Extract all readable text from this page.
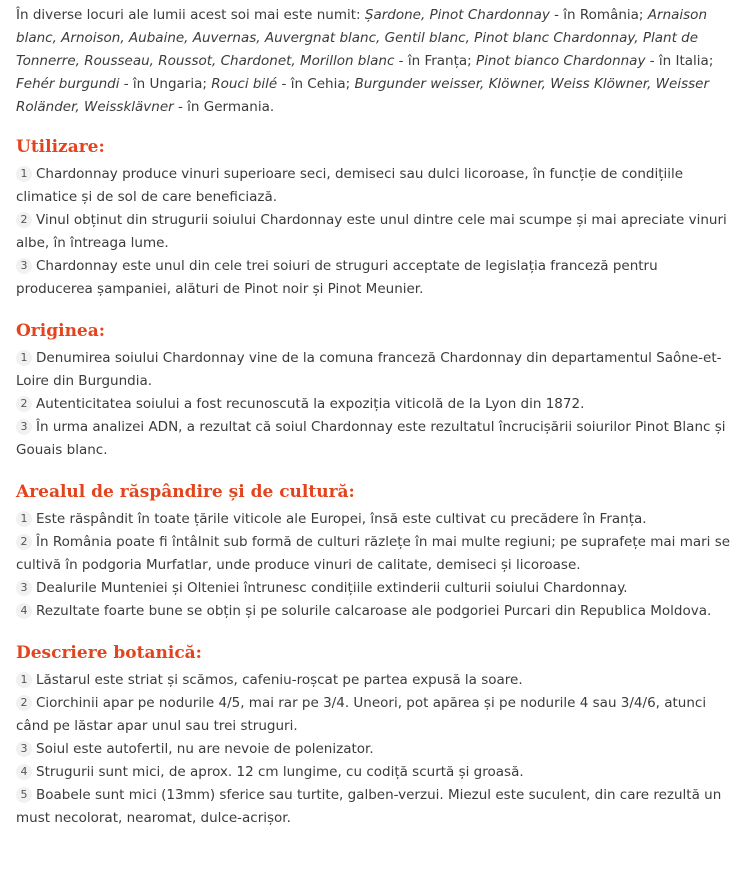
În diverse locuri ale lumii acest soi mai este numit: Șardone, Pinot Chardonnay - în România; Arnaison blanc, Arnoison, Aubaine, Auvernas, Auvergnat blanc, Gentil blanc, Pinot blanc Chardonnay, Plant de Tonnerre, Rousseau, Roussot, Chardonet, Morillon blanc - în Franța; Pinot bianco Chardonnay - în Italia; Fehér burgundi - în Ungaria; Rouci bilé - în Cehia; Burgunder weisser, Klöwner, Weiss Klöwner, Weisser Roländer, Weissklävner - în Germania.

Utilizare:
1 Chardonnay produce vinuri superioare seci, demiseci sau dulci licoroase, în funcție de condițiile climatice și de sol de care beneficiază.
2 Vinul obținut din strugurii soiului Chardonnay este unul dintre cele mai scumpe și mai apreciate vinuri albe, în întreaga lume.
3 Chardonnay este unul din cele trei soiuri de struguri acceptate de legislația franceză pentru producerea șampaniei, alături de Pinot noir și Pinot Meunier.
Originea:
1 Denumirea soiului Chardonnay vine de la comuna franceză Chardonnay din departamentul Saône-et-Loire din Burgundia.
2 Autenticitatea soiului a fost recunoscută la expoziția viticolă de la Lyon din 1872.
3 În urma analizei ADN, a rezultat că soiul Chardonnay este rezultatul încrucișării soiurilor Pinot Blanc și Gouais blanc.
Arealul de răspândire și de cultură:
1 Este răspândit în toate țările viticole ale Europei, însă este cultivat cu precădere în Franța.
2 În România poate fi întâlnit sub formă de culturi răzlețe în mai multe regiuni; pe suprafețe mai mari se cultivă în podgoria Murfatlar, unde produce vinuri de calitate, demiseci și licoroase.
3 Dealurile Munteniei și Olteniei întrunesc condițiile extinderii culturii soiului Chardonnay.
4 Rezultate foarte bune se obțin și pe solurile calcaroase ale podgoriei Purcari din Republica Moldova.
Descriere botanică:
1 Lăstarul este striat și scămos, cafeniu-roșcat pe partea expusă la soare.
2 Ciorchinii apar pe nodurile 4/5, mai rar pe 3/4. Uneori, pot apărea și pe nodurile 4 sau 3/4/6, atunci când pe lăstar apar unul sau trei struguri.
3 Soiul este autofertil, nu are nevoie de polenizator.
4 Strugurii sunt mici, de aprox. 12 cm lungime, cu codiță scurtă și groasă.
5 Boabele sunt mici (13mm) sferice sau turtite, galben-verzui. Miezul este suculent, din care rezultă un must necolorat, nearomat, dulce-acrișor.
